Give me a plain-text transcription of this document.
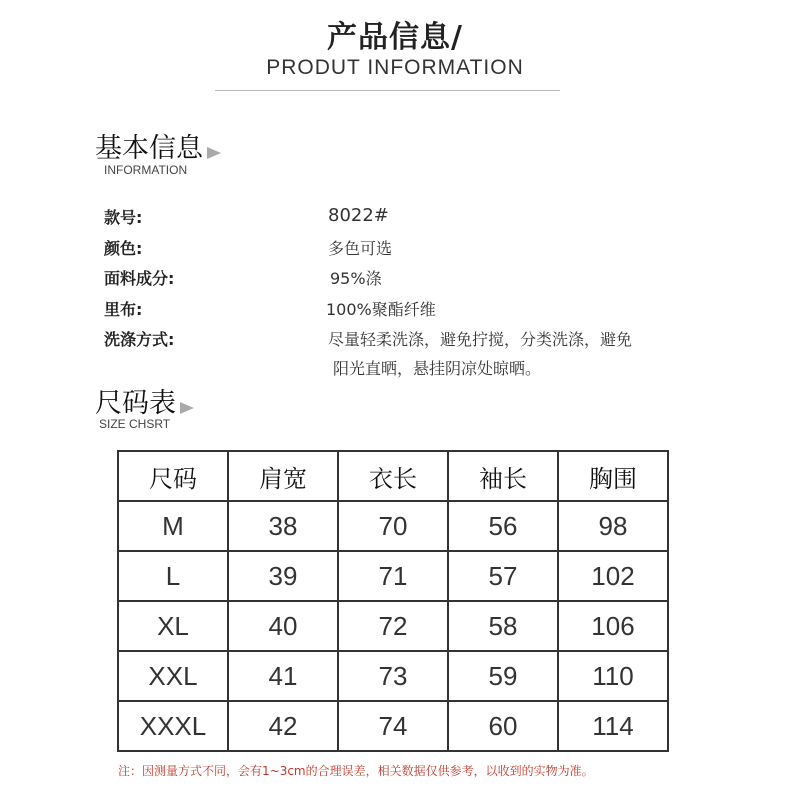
产品信息/
PRODUT INFORMATION
基本信息
INFORMATION
款号:	8022#
颜色:	多色可选
面料成分:	95%涤
里布:	100%聚酯纤维
洗涤方式:	尽量轻柔洗涤，避免拧搅，分类洗涤，避免
阳光直晒，悬挂阴凉处晾晒。
尺码表
SIZE CHSRT
尺码	肩宽	衣长	袖长	胸围
M	38	70	56	98
L	39	71	57	102
XL	40	72	58	106
XXL	41	73	59	110
XXXL	42	74	60	114
注：因测量方式不同，会有1~3cm的合理误差，相关数据仅供参考，以收到的实物为准。
